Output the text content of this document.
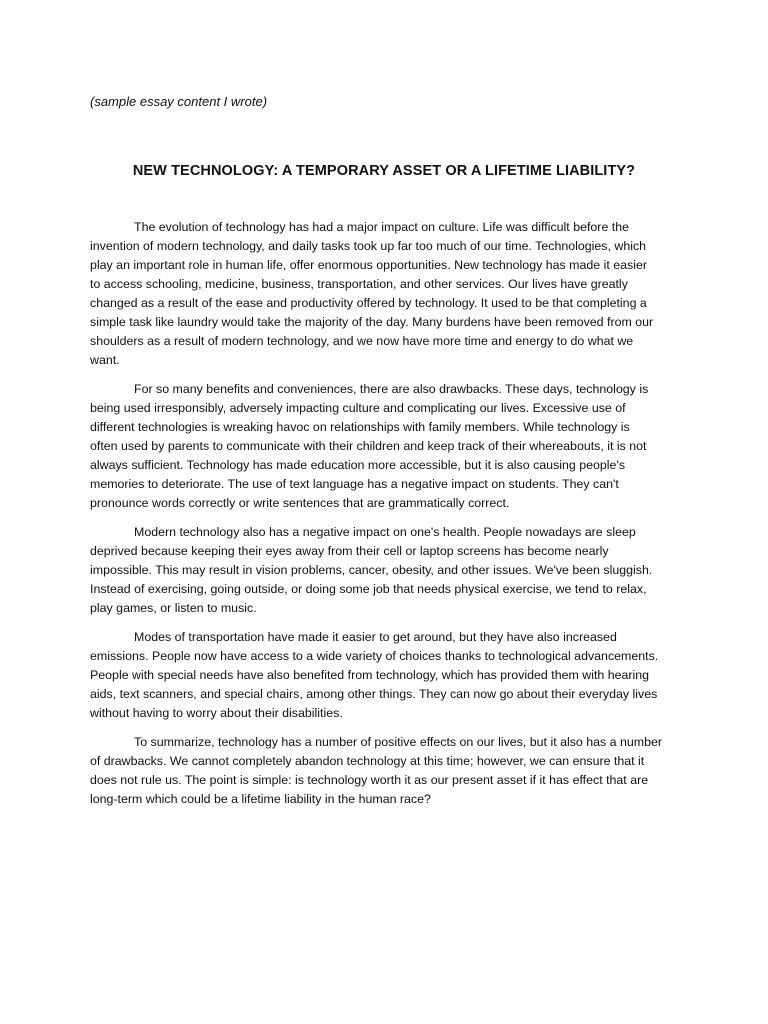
(sample essay content I wrote)
NEW TECHNOLOGY: A TEMPORARY ASSET OR A LIFETIME LIABILITY?
The evolution of technology has had a major impact on culture. Life was difficult before the
invention of modern technology, and daily tasks took up far too much of our time. Technologies, which
play an important role in human life, offer enormous opportunities. New technology has made it easier
to access schooling, medicine, business, transportation, and other services. Our lives have greatly
changed as a result of the ease and productivity offered by technology. It used to be that completing a
simple task like laundry would take the majority of the day. Many burdens have been removed from our
shoulders as a result of modern technology, and we now have more time and energy to do what we
want.
For so many benefits and conveniences, there are also drawbacks. These days, technology is
being used irresponsibly, adversely impacting culture and complicating our lives. Excessive use of
different technologies is wreaking havoc on relationships with family members. While technology is
often used by parents to communicate with their children and keep track of their whereabouts, it is not
always sufficient. Technology has made education more accessible, but it is also causing people's
memories to deteriorate. The use of text language has a negative impact on students. They can't
pronounce words correctly or write sentences that are grammatically correct.
Modern technology also has a negative impact on one's health. People nowadays are sleep
deprived because keeping their eyes away from their cell or laptop screens has become nearly
impossible. This may result in vision problems, cancer, obesity, and other issues. We've been sluggish.
Instead of exercising, going outside, or doing some job that needs physical exercise, we tend to relax,
play games, or listen to music.
Modes of transportation have made it easier to get around, but they have also increased
emissions. People now have access to a wide variety of choices thanks to technological advancements.
People with special needs have also benefited from technology, which has provided them with hearing
aids, text scanners, and special chairs, among other things. They can now go about their everyday lives
without having to worry about their disabilities.
To summarize, technology has a number of positive effects on our lives, but it also has a number
of drawbacks. We cannot completely abandon technology at this time; however, we can ensure that it
does not rule us. The point is simple: is technology worth it as our present asset if it has effect that are
long-term which could be a lifetime liability in the human race?
